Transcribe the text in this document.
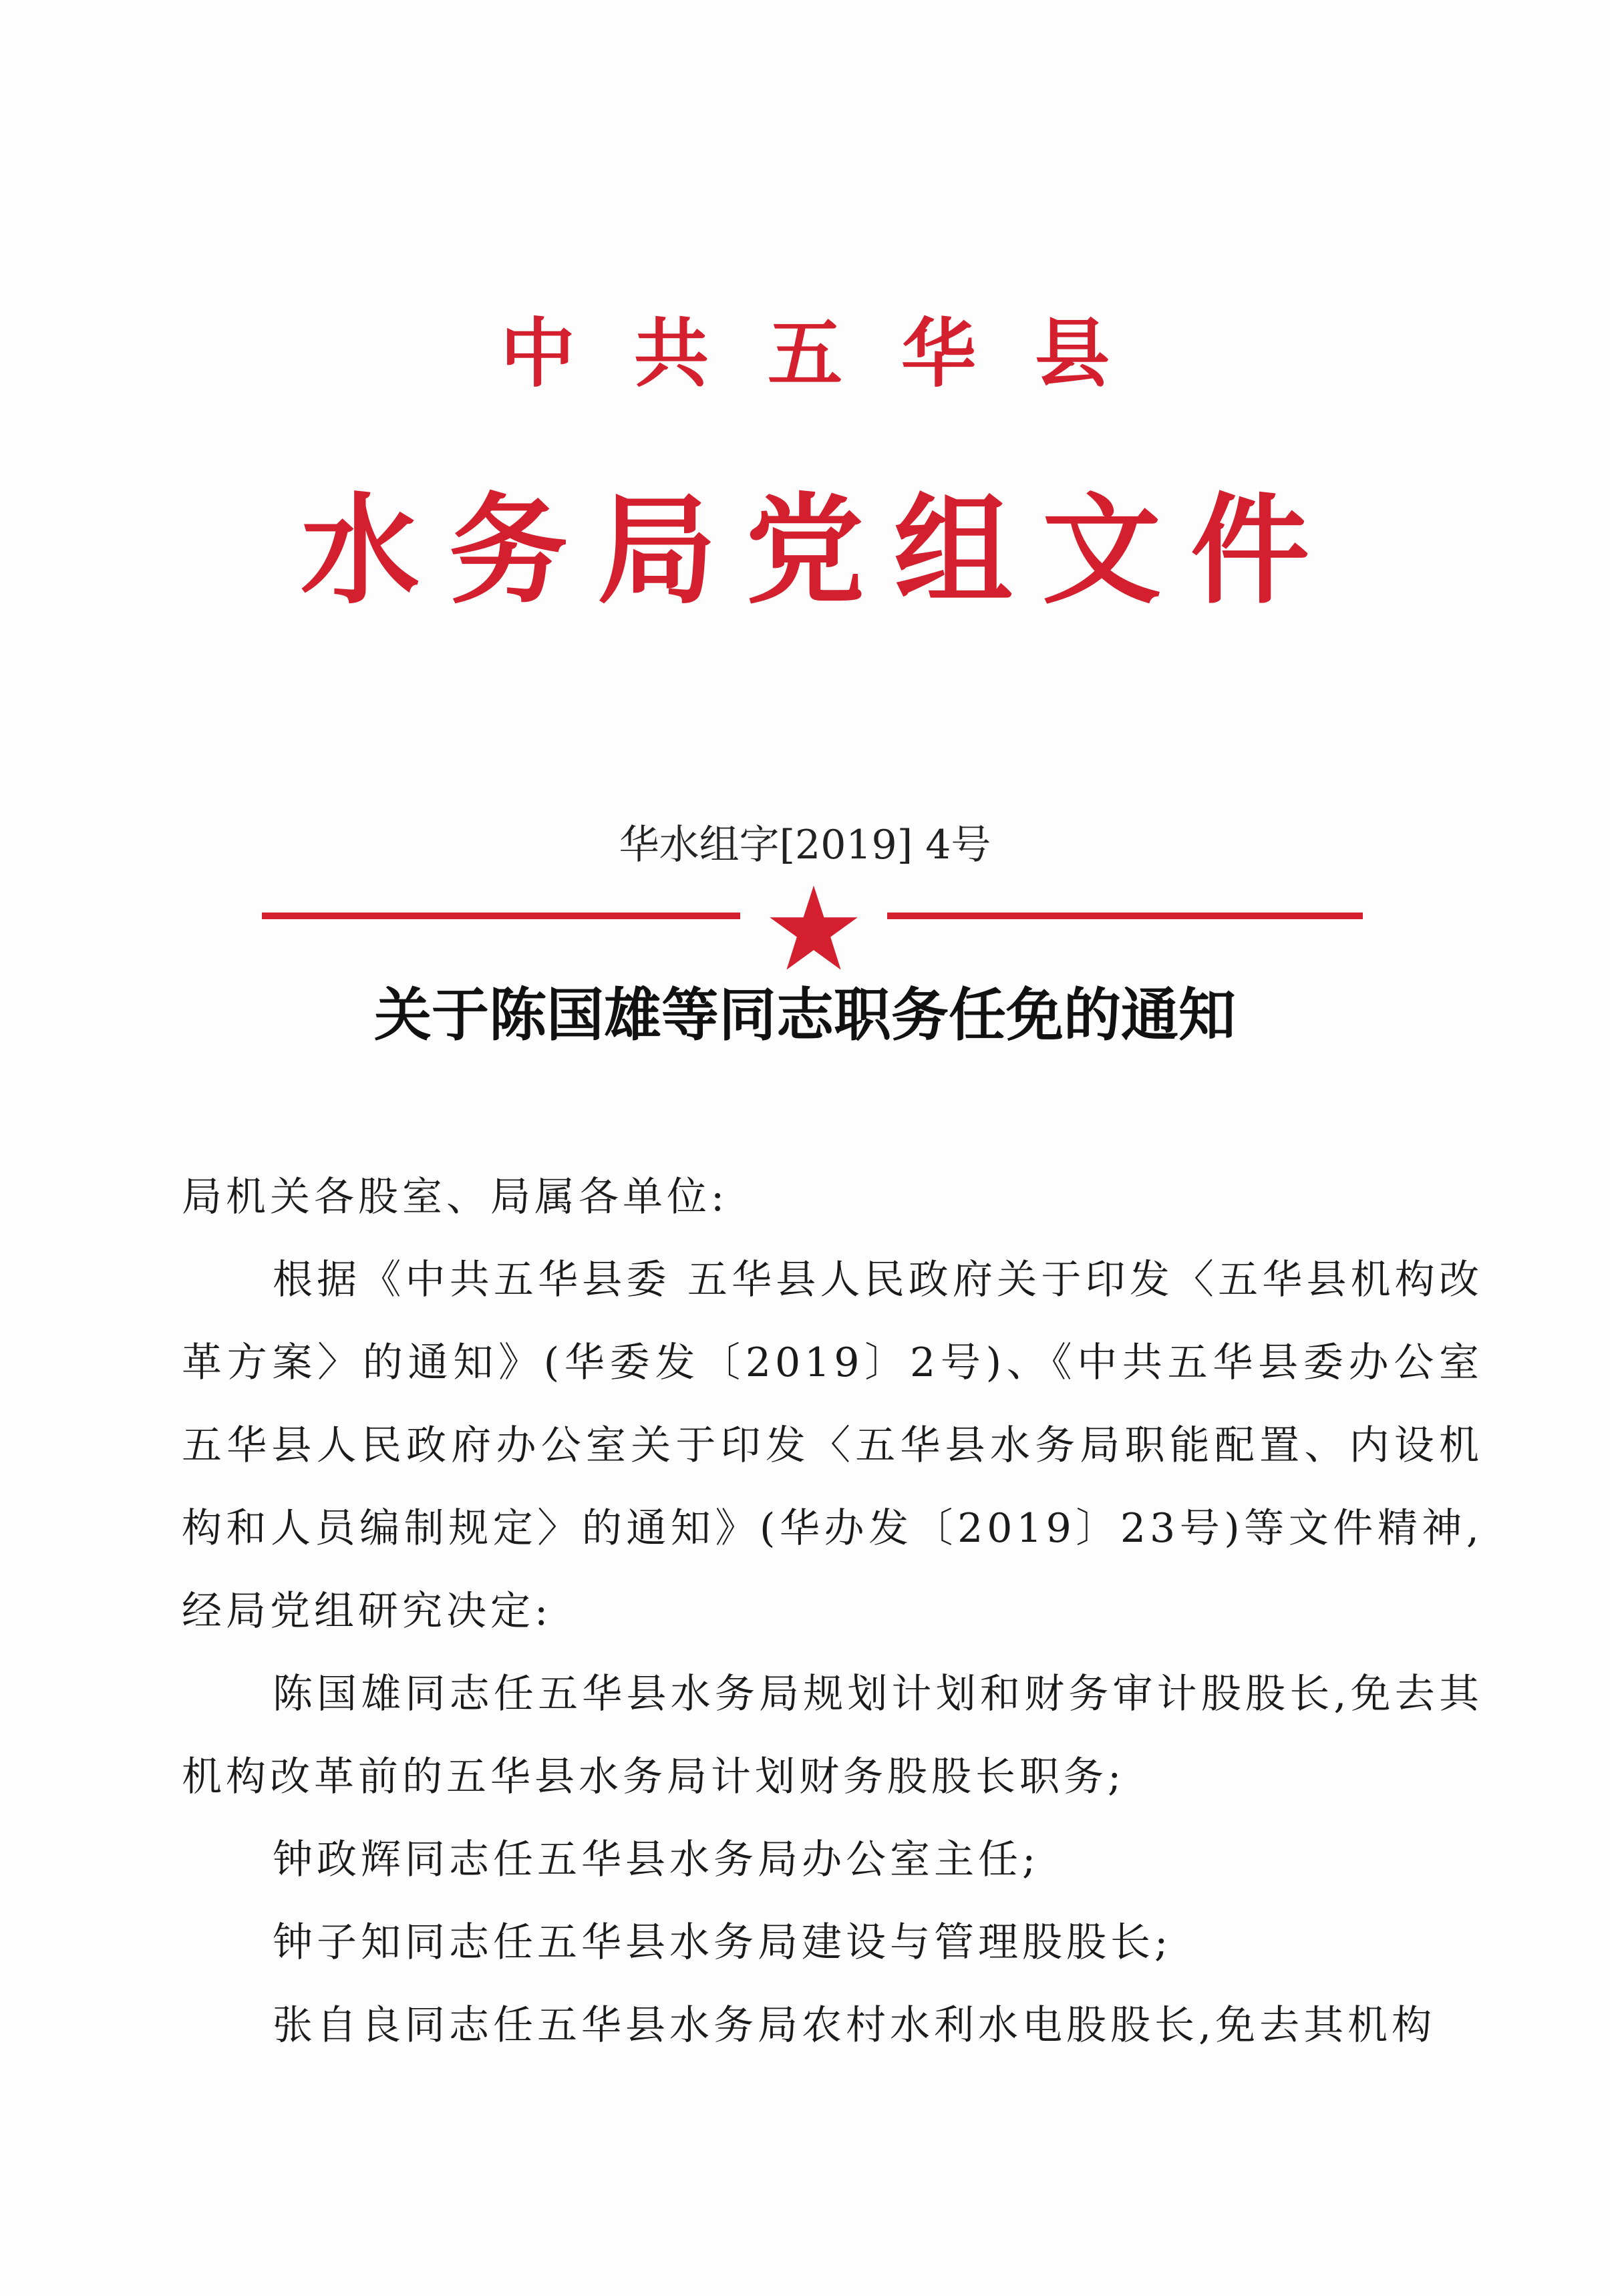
中共五华县
水务局党组文件
华水组字[2019] 4号
关于陈国雄等同志职务任免的通知
局机关各股室、局属各单位:

根据《中共五华县委 五华县人民政府关于印发〈五华县机构改革方案〉的通知》(华委发〔2019〕2号)、《中共五华县委办公室 五华县人民政府办公室关于印发〈五华县水务局职能配置、内设机构和人员编制规定〉的通知》(华办发〔2019〕23号)等文件精神,经局党组研究决定:

陈国雄同志任五华县水务局规划计划和财务审计股股长,免去其机构改革前的五华县水务局计划财务股股长职务;

钟政辉同志任五华县水务局办公室主任;

钟子知同志任五华县水务局建设与管理股股长;

张自良同志任五华县水务局农村水利水电股股长,免去其机构
